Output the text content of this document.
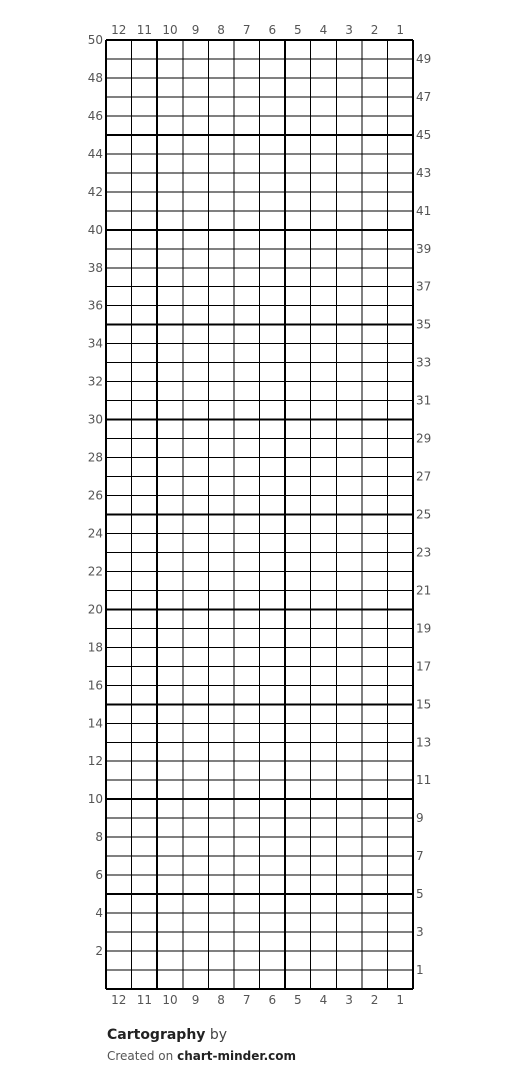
12 11 10 9 8 7 6 5 4 3 2 1
12 11 10 9 8 7 6 5 4 3 2 1
50
48
46
44
42
40
38
36
34
32
30
28
26
24
22
20
18
16
14
12
10
8
6
4
2
49
47
45
43
41
39
37
35
33
31
29
27
25
23
21
19
17
15
13
11
9
7
5
3
1
Cartography by
Created on chart-minder.com
